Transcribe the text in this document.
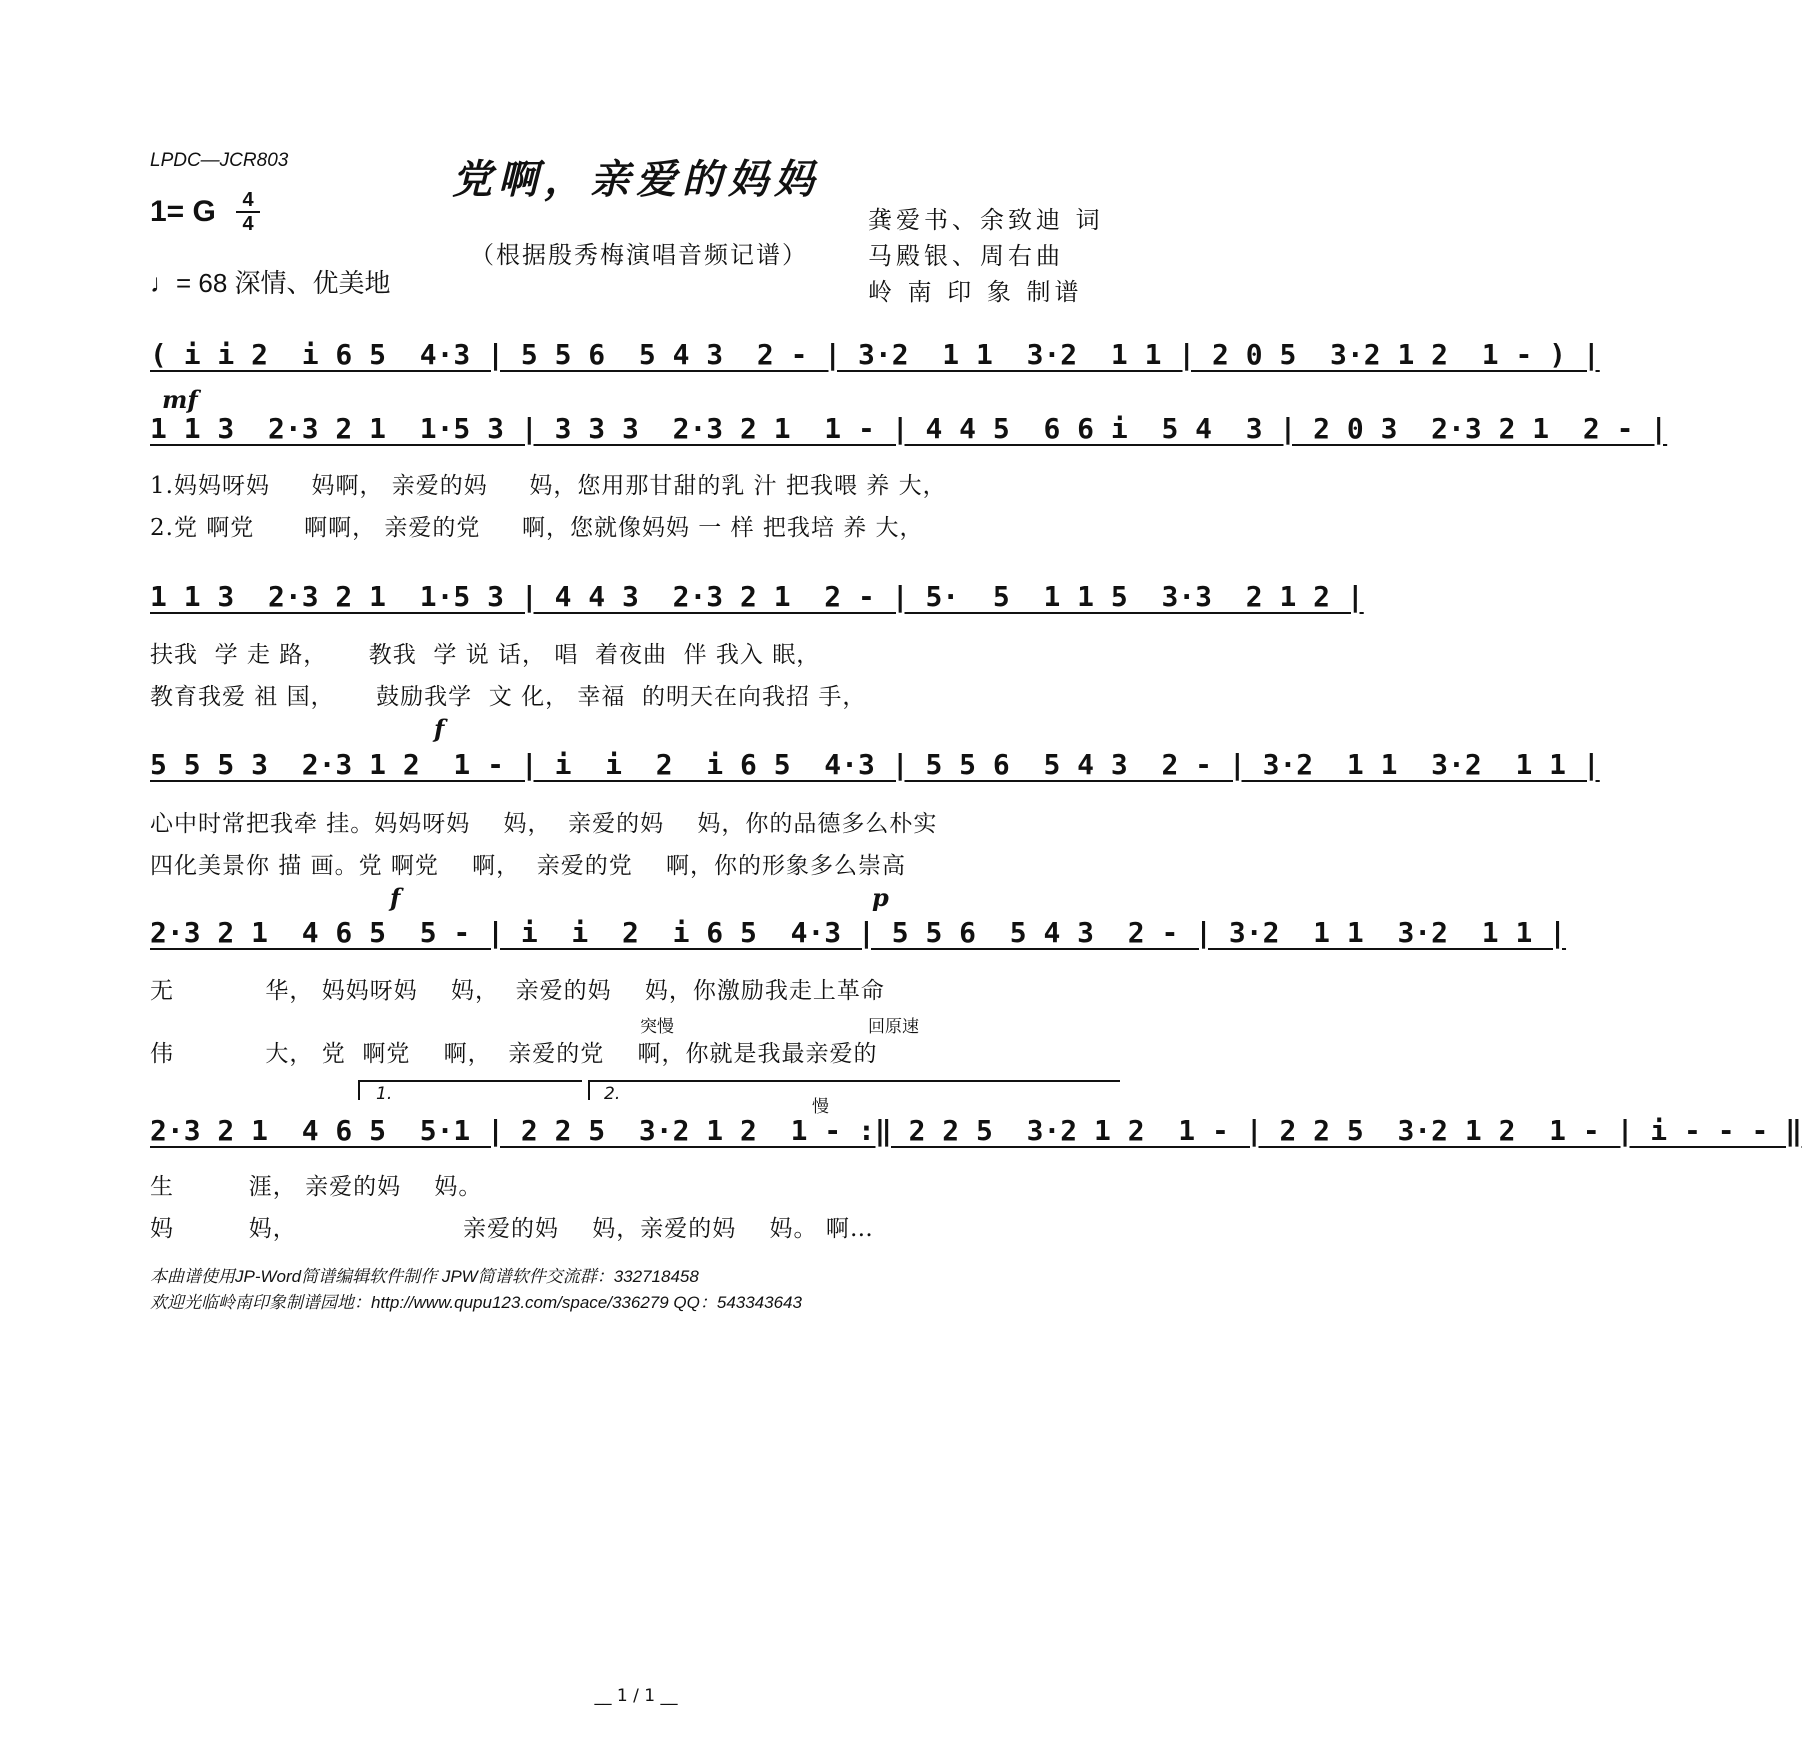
LPDC—JCR803	党啊，亲爱的妈妈
1= G	4
4
♩= 68 深情、优美地
（根据殷秀梅演唱音频记谱）
龚爱书、余致迪 词
马殿银、周右曲
岭 南 印 象 制谱
( i i 2  i 6 5  4·3 | 5 5 6  5 4 3  2 - | 3·2  1 1  3·2  1 1 | 2 0 5  3·2 1 2  1 - ) |
mf
1 1 3  2·3 2 1  1·5 3 | 3 3 3  2·3 2 1  1 - | 4 4 5  6 6 i  5 4  3 | 2 0 3  2·3 2 1  2 - |
1.妈妈呀妈     妈啊， 亲爱的妈     妈，您用那甘甜的乳 汁 把我喂 养 大，
2.党 啊党      啊啊， 亲爱的党     啊，您就像妈妈 一 样 把我培 养 大，
1 1 3  2·3 2 1  1·5 3 | 4 4 3  2·3 2 1  2 - | 5·  5  1 1 5  3·3  2 1 2 |
扶我  学 走 路，     教我  学 说 话， 唱  着夜曲  伴 我入 眠，
教育我爱 祖 国，     鼓励我学  文 化， 幸福  的明天在向我招 手，
f
5 5 5 3  2·3 1 2  1 - | i  i  2  i 6 5  4·3 | 5 5 6  5 4 3  2 - | 3·2  1 1  3·2  1 1 |
心中时常把我牵 挂。妈妈呀妈    妈，  亲爱的妈    妈，你的品德多么朴实
四化美景你 描 画。党 啊党    啊，  亲爱的党    啊，你的形象多么崇高
f	p
2·3 2 1  4 6 5  5 - | i  i  2  i 6 5  4·3 | 5 5 6  5 4 3  2 - | 3·2  1 1  3·2  1 1 |
无           华， 妈妈呀妈    妈，  亲爱的妈    妈，你激励我走上革命
突慢	回原速
伟           大， 党  啊党    啊，  亲爱的党    啊，你就是我最亲爱的
1.	2.
慢
2·3 2 1  4 6 5  5·1 | 2 2 5  3·2 1 2  1 - :‖ 2 2 5  3·2 1 2  1 - | 2 2 5  3·2 1 2  1 - | i - - - ‖
生         涯， 亲爱的妈    妈。
妈         妈，                    亲爱的妈    妈，亲爱的妈    妈。 啊…
本曲谱使用JP-Word简谱编辑软件制作 JPW简谱软件交流群：332718458
欢迎光临岭南印象制谱园地：http://www.qupu123.com/space/336279 QQ：543343643
__ 1 / 1 __
